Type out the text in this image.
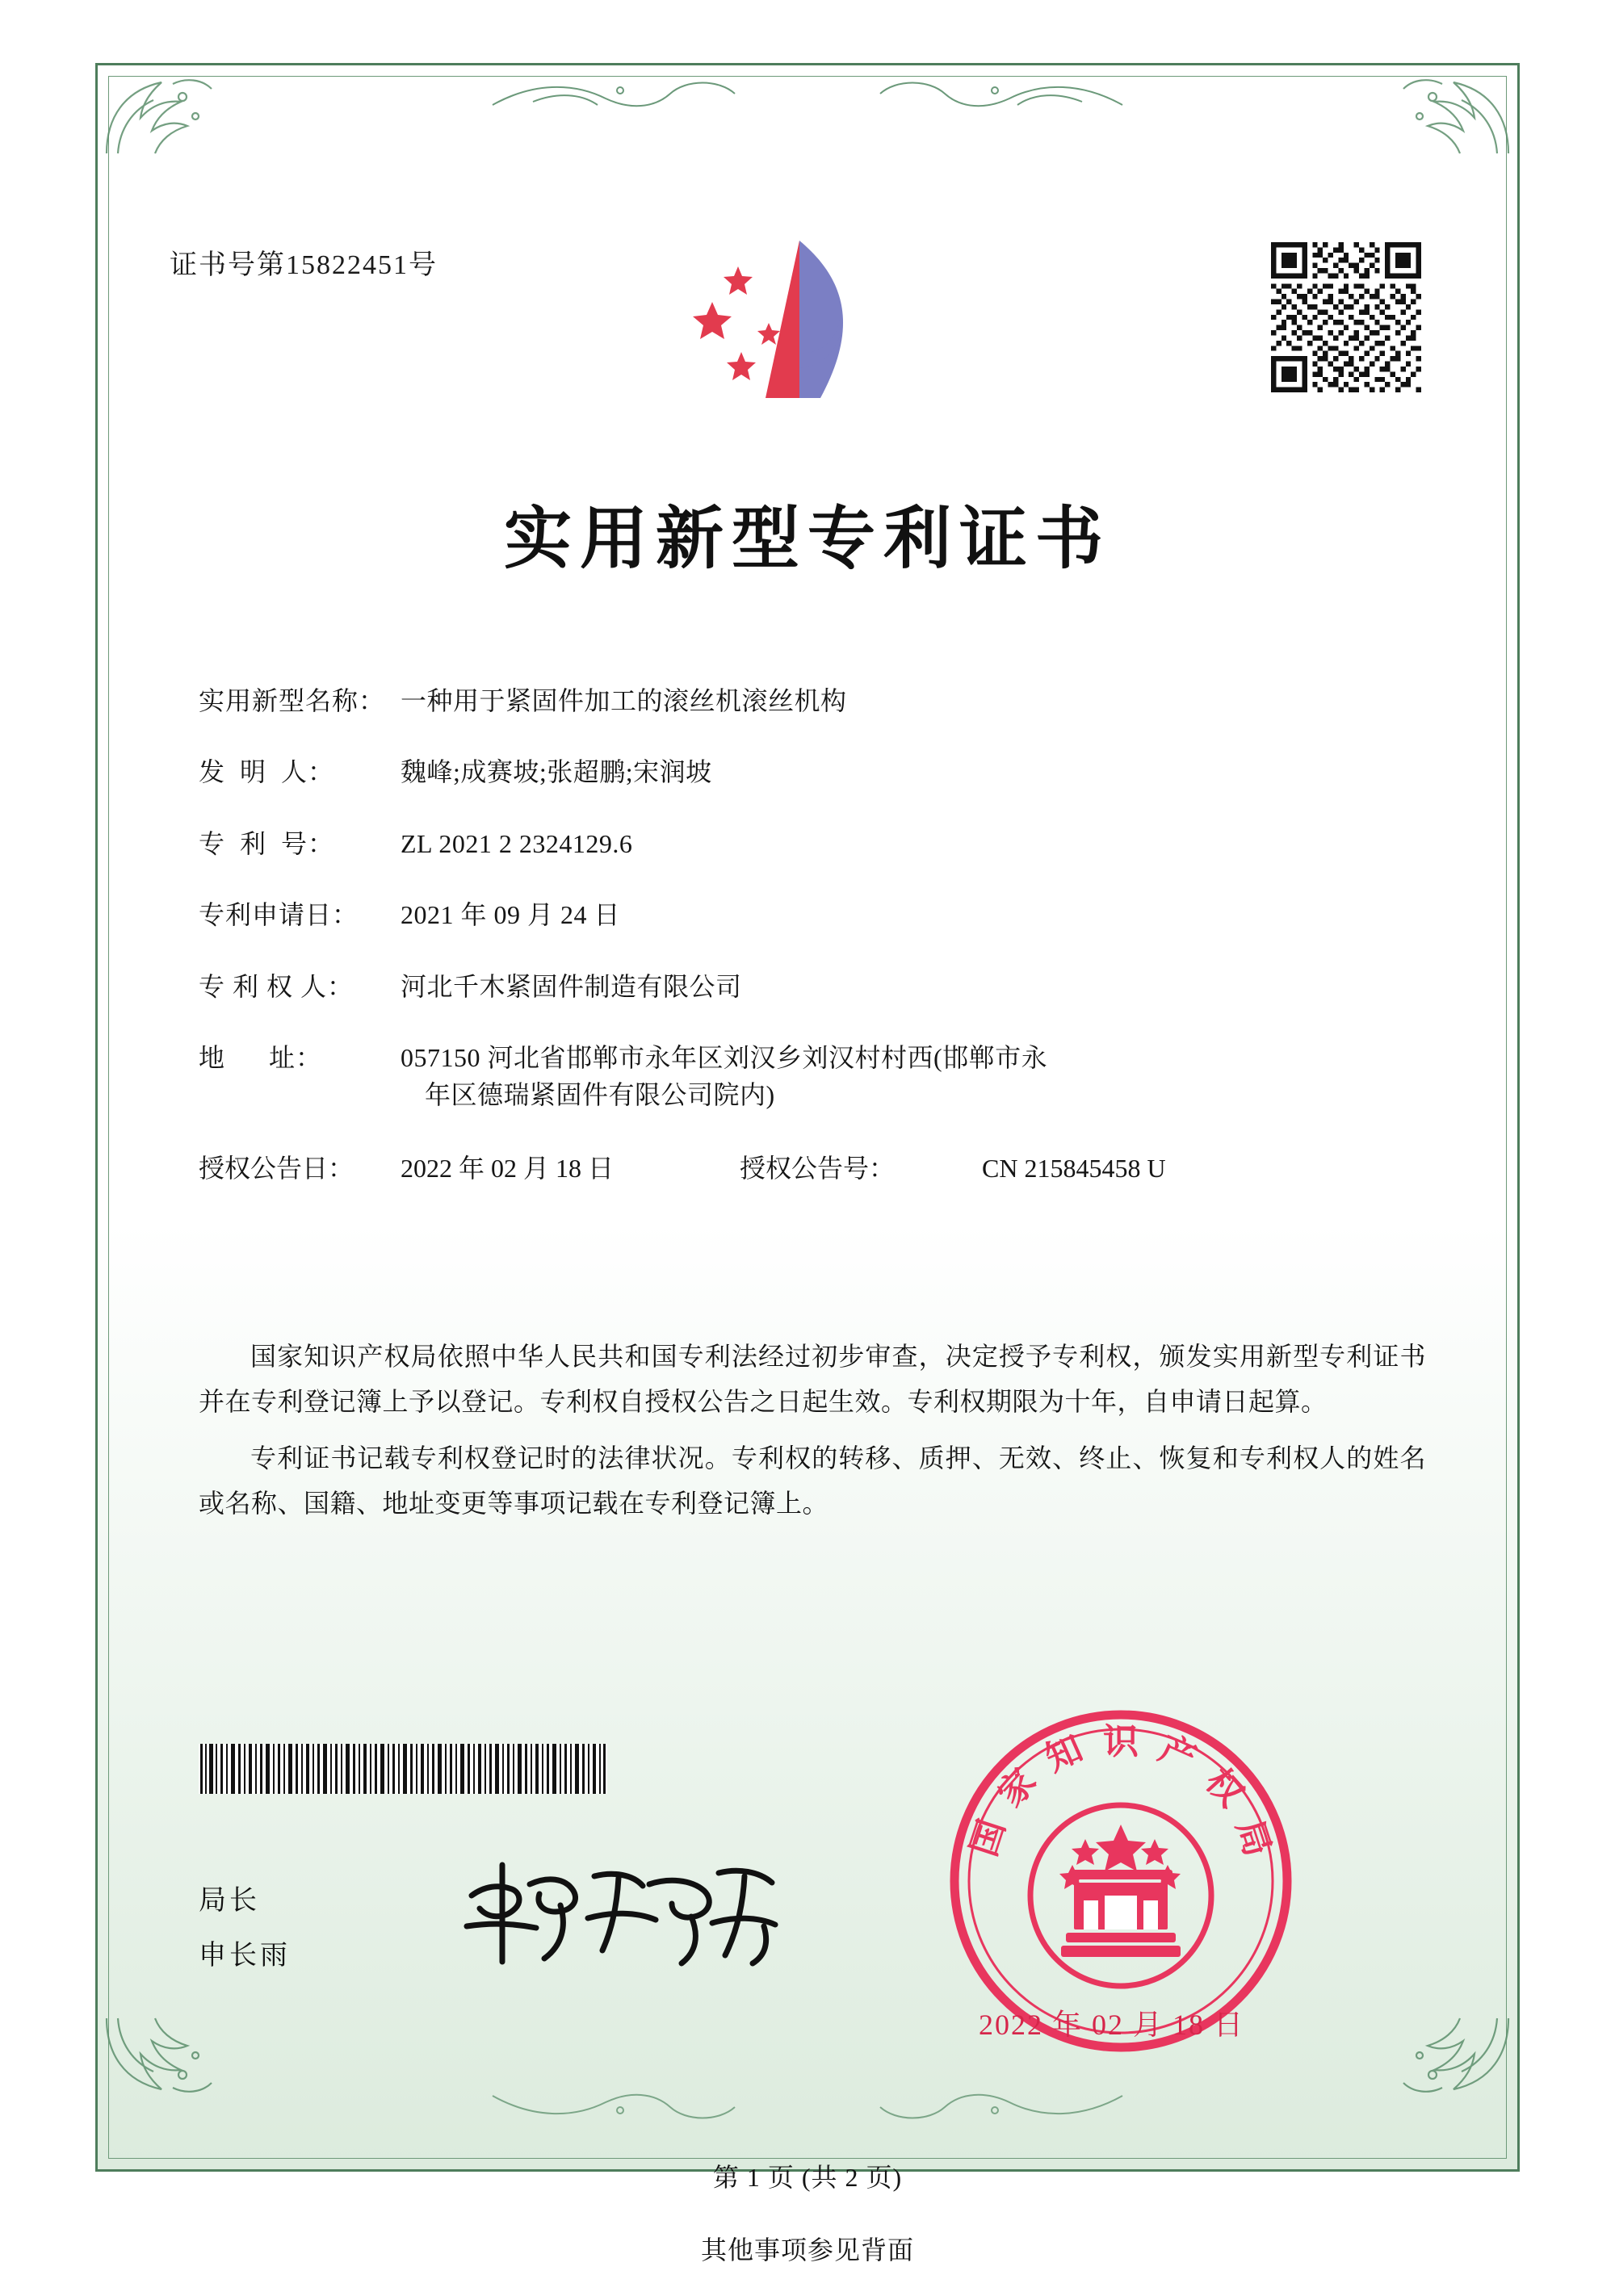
证书号第15822451号
实用新型专利证书
实用新型名称： 一种用于紧固件加工的滚丝机滚丝机构
发  明  人：	魏峰;成赛坡;张超鹏;宋润坡
专  利  号：	ZL 2021 2 2324129.6
专利申请日：	2021 年 09 月 24 日
专 利 权 人：	河北千木紧固件制造有限公司
地      址：	057150 河北省邯郸市永年区刘汉乡刘汉村村西(邯郸市永
年区德瑞紧固件有限公司院内)
授权公告日：	2022 年 02 月 18 日	授权公告号：	CN 215845458 U

国家知识产权局依照中华人民共和国专利法经过初步审查，决定授予专利权，颁发实用新型专利证书并在专利登记簿上予以登记。专利权自授权公告之日起生效。专利权期限为十年，自申请日起算。

专利证书记载专利权登记时的法律状况。专利权的转移、质押、无效、终止、恢复和专利权人的姓名或名称、国籍、地址变更等事项记载在专利登记簿上。

局长
申长雨
国
家
知 识 产
权
局
2022 年 02 月 18 日
第 1 页 (共 2 页)
其他事项参见背面
